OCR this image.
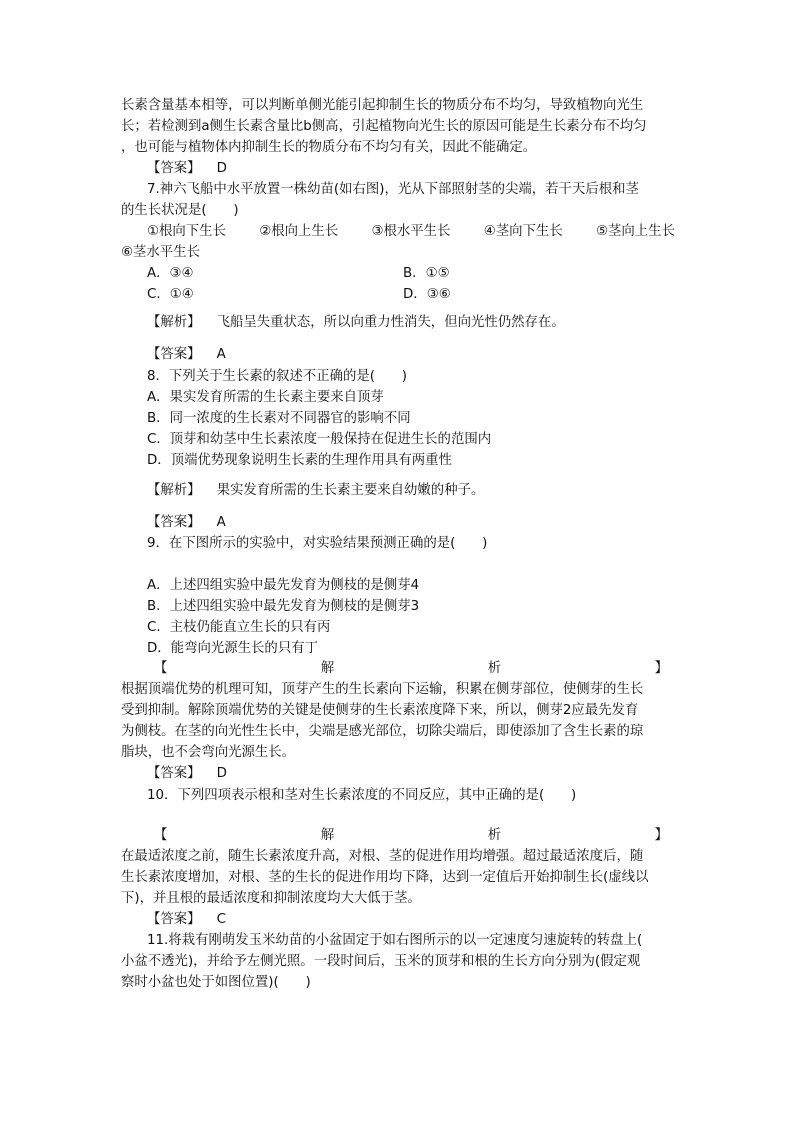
长素含量基本相等，可以判断单侧光能引起抑制生长的物质分布不均匀，导致植物向光生
长；若检测到a侧生长素含量比b侧高，引起植物向光生长的原因可能是生长素分布不均匀
，也可能与植物体内抑制生长的物质分布不均匀有关，因此不能确定。
【答案】 D
7.神六飞船中水平放置一株幼苗(如右图)，光从下部照射茎的尖端，若干天后根和茎
的生长状况是(　　)
①根向下生长 ②根向上生长 ③根水平生长 ④茎向下生长 ⑤茎向上生长
⑥茎水平生长
A．③④	B．①⑤
C．①④	D．③⑥
【解析】 飞船呈失重状态，所以向重力性消失，但向光性仍然存在。
【答案】 A
8．下列关于生长素的叙述不正确的是(　　)
A．果实发育所需的生长素主要来自顶芽
B．同一浓度的生长素对不同器官的影响不同
C．顶芽和幼茎中生长素浓度一般保持在促进生长的范围内
D．顶端优势现象说明生长素的生理作用具有两重性
【解析】 果实发育所需的生长素主要来自幼嫩的种子。
【答案】 A
9．在下图所示的实验中，对实验结果预测正确的是(　　)
A．上述四组实验中最先发育为侧枝的是侧芽4
B．上述四组实验中最先发育为侧枝的是侧芽3
C．主枝仍能直立生长的只有丙
D．能弯向光源生长的只有丁
【	解	析	】
根据顶端优势的机理可知，顶芽产生的生长素向下运输，积累在侧芽部位，使侧芽的生长
受到抑制。解除顶端优势的关键是使侧芽的生长素浓度降下来，所以，侧芽2应最先发育
为侧枝。在茎的向光性生长中，尖端是感光部位，切除尖端后，即使添加了含生长素的琼
脂块，也不会弯向光源生长。
【答案】 D
10．下列四项表示根和茎对生长素浓度的不同反应，其中正确的是(　　)
【	解	析	】
在最适浓度之前，随生长素浓度升高，对根、茎的促进作用均增强。超过最适浓度后，随
生长素浓度增加，对根、茎的生长的促进作用均下降，达到一定值后开始抑制生长(虚线以
下)，并且根的最适浓度和抑制浓度均大大低于茎。
【答案】 C
11.将栽有刚萌发玉米幼苗的小盆固定于如右图所示的以一定速度匀速旋转的转盘上(
小盆不透光)，并给予左侧光照。一段时间后，玉米的顶芽和根的生长方向分别为(假定观
察时小盆也处于如图位置)(　　)
